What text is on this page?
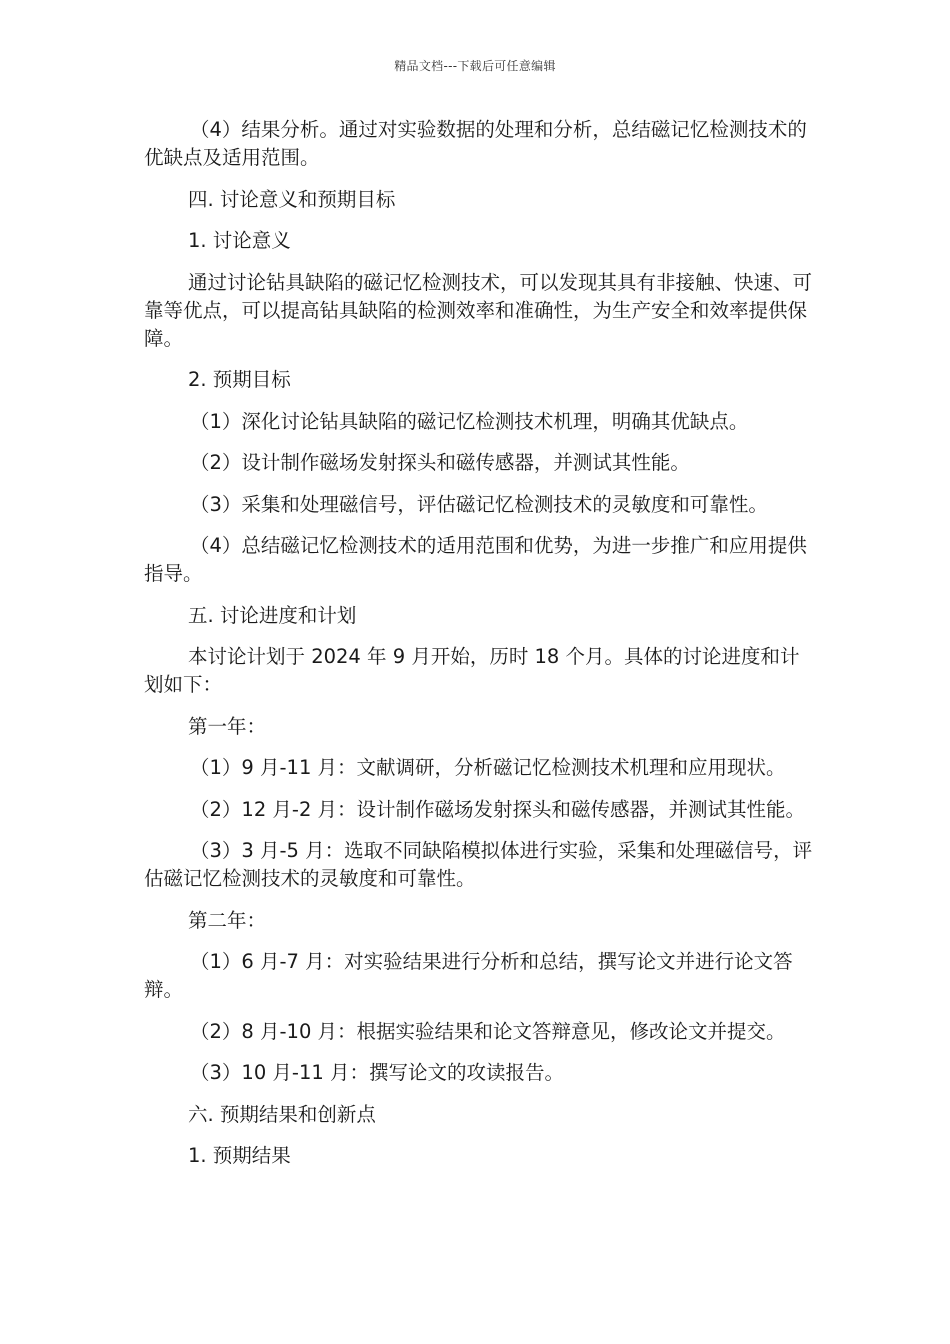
精品文档---下载后可任意编辑

（4）结果分析。通过对实验数据的处理和分析，总结磁记忆检测技术的优缺点及适用范围。

四. 讨论意义和预期目标

1. 讨论意义

通过讨论钻具缺陷的磁记忆检测技术，可以发现其具有非接触、快速、可靠等优点，可以提高钻具缺陷的检测效率和准确性，为生产安全和效率提供保障。

2. 预期目标

（1）深化讨论钻具缺陷的磁记忆检测技术机理，明确其优缺点。

（2）设计制作磁场发射探头和磁传感器，并测试其性能。

（3）采集和处理磁信号，评估磁记忆检测技术的灵敏度和可靠性。

（4）总结磁记忆检测技术的适用范围和优势，为进一步推广和应用提供指导。

五. 讨论进度和计划

本讨论计划于 2024 年 9 月开始，历时 18 个月。具体的讨论进度和计划如下：

第一年：

（1）9 月-11 月：文献调研，分析磁记忆检测技术机理和应用现状。

（2）12 月-2 月：设计制作磁场发射探头和磁传感器，并测试其性能。

（3）3 月-5 月：选取不同缺陷模拟体进行实验，采集和处理磁信号，评估磁记忆检测技术的灵敏度和可靠性。

第二年：

（1）6 月-7 月：对实验结果进行分析和总结，撰写论文并进行论文答辩。

（2）8 月-10 月：根据实验结果和论文答辩意见，修改论文并提交。

（3）10 月-11 月：撰写论文的攻读报告。

六. 预期结果和创新点

1. 预期结果
